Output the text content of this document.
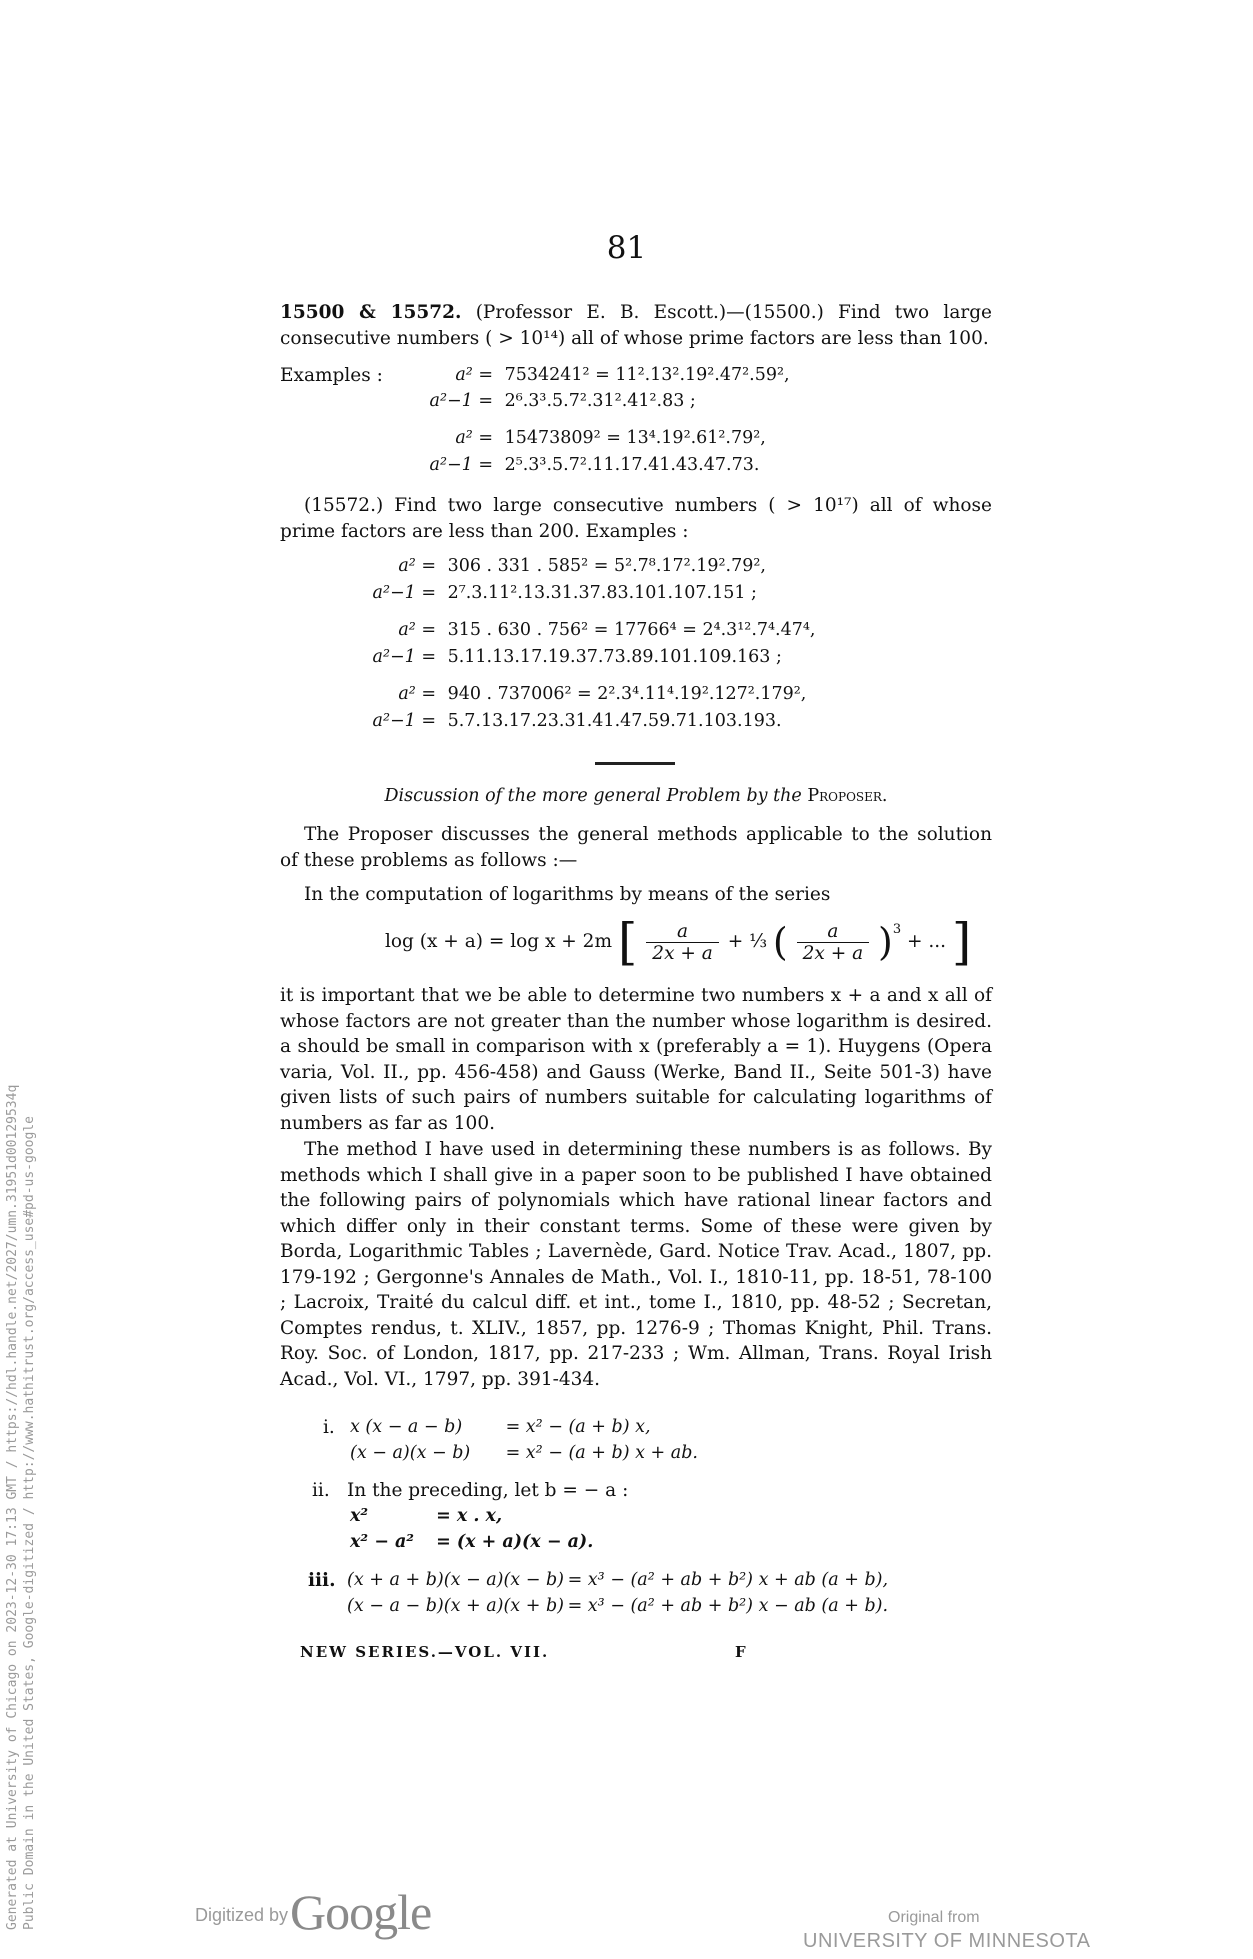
81
15500 & 15572. (Professor E. B. Escott.)—(15500.) Find two large consecutive numbers ( > 10¹⁴) all of whose prime factors are less than 100.
Examples :	a² = 7534241² = 11².13².19².47².59²,
a²−1 = 2⁶.3³.5.7².31².41².83 ;
a² = 15473809² = 13⁴.19².61².79²,
a²−1 = 2⁵.3³.5.7².11.17.41.43.47.73.
(15572.) Find two large consecutive numbers ( > 10¹⁷) all of whose prime factors are less than 200. Examples :
a² = 306 . 331 . 585² = 5².7⁸.17².19².79²,
a²−1 = 2⁷.3.11².13.31.37.83.101.107.151 ;
a² = 315 . 630 . 756² = 17766⁴ = 2⁴.3¹².7⁴.47⁴,
a²−1 = 5.11.13.17.19.37.73.89.101.109.163 ;
a² = 940 . 737006² = 2².3⁴.11⁴.19².127².179²,
a²−1 = 5.7.13.17.23.31.41.47.59.71.103.193.
Discussion of the more general Problem by the Proposer.
The Proposer discusses the general methods applicable to the solution of these problems as follows :—
In the computation of logarithms by means of the series
log (x + a) = log x + 2m [ $\frac{a}{2x + a}$ + ⅓ ( $\frac{a}{2x + a} )^3$ + ... ]
it is important that we be able to determine two numbers x + a and x all of whose factors are not greater than the number whose logarithm is desired. a should be small in comparison with x (preferably a = 1). Huygens (Opera varia, Vol. II., pp. 456-458) and Gauss (Werke, Band II., Seite 501-3) have given lists of such pairs of numbers suitable for calculating logarithms of numbers as far as 100.
The method I have used in determining these numbers is as follows. By methods which I shall give in a paper soon to be published I have obtained the following pairs of polynomials which have rational linear factors and which differ only in their constant terms. Some of these were given by Borda, Logarithmic Tables ; Lavernède, Gard. Notice Trav. Acad., 1807, pp. 179-192 ; Gergonne's Annales de Math., Vol. I., 1810-11, pp. 18-51, 78-100 ; Lacroix, Traité du calcul diff. et int., tome I., 1810, pp. 48-52 ; Secretan, Comptes rendus, t. XLIV., 1857, pp. 1276-9 ; Thomas Knight, Phil. Trans. Roy. Soc. of London, 1817, pp. 217-233 ; Wm. Allman, Trans. Royal Irish Acad., Vol. VI., 1797, pp. 391-434.
i. x (x − a − b) = x² − (a + b) x,
(x − a)(x − b) = x² − (a + b) x + ab.
ii. In the preceding, let b = − a :
x²	= x . x,
x² − a² = (x + a)(x − a).
iii. (x + a + b)(x − a)(x − b) = x³ − (a² + ab + b²) x + ab (a + b),
(x − a − b)(x + a)(x + b) = x³ − (a² + ab + b²) x − ab (a + b).
NEW SERIES.—VOL. VII.	F
Generated at University of Chicago on 2023-12-30 17:13 GMT / https://hdl.handle.net/2027/umn.31951d00129534q Public Domain in the United States, Google-digitized / http://www.hathitrust.org/access_use#pd-us-google	Digitized by Google	Original from
UNIVERSITY OF MINNESOTA
